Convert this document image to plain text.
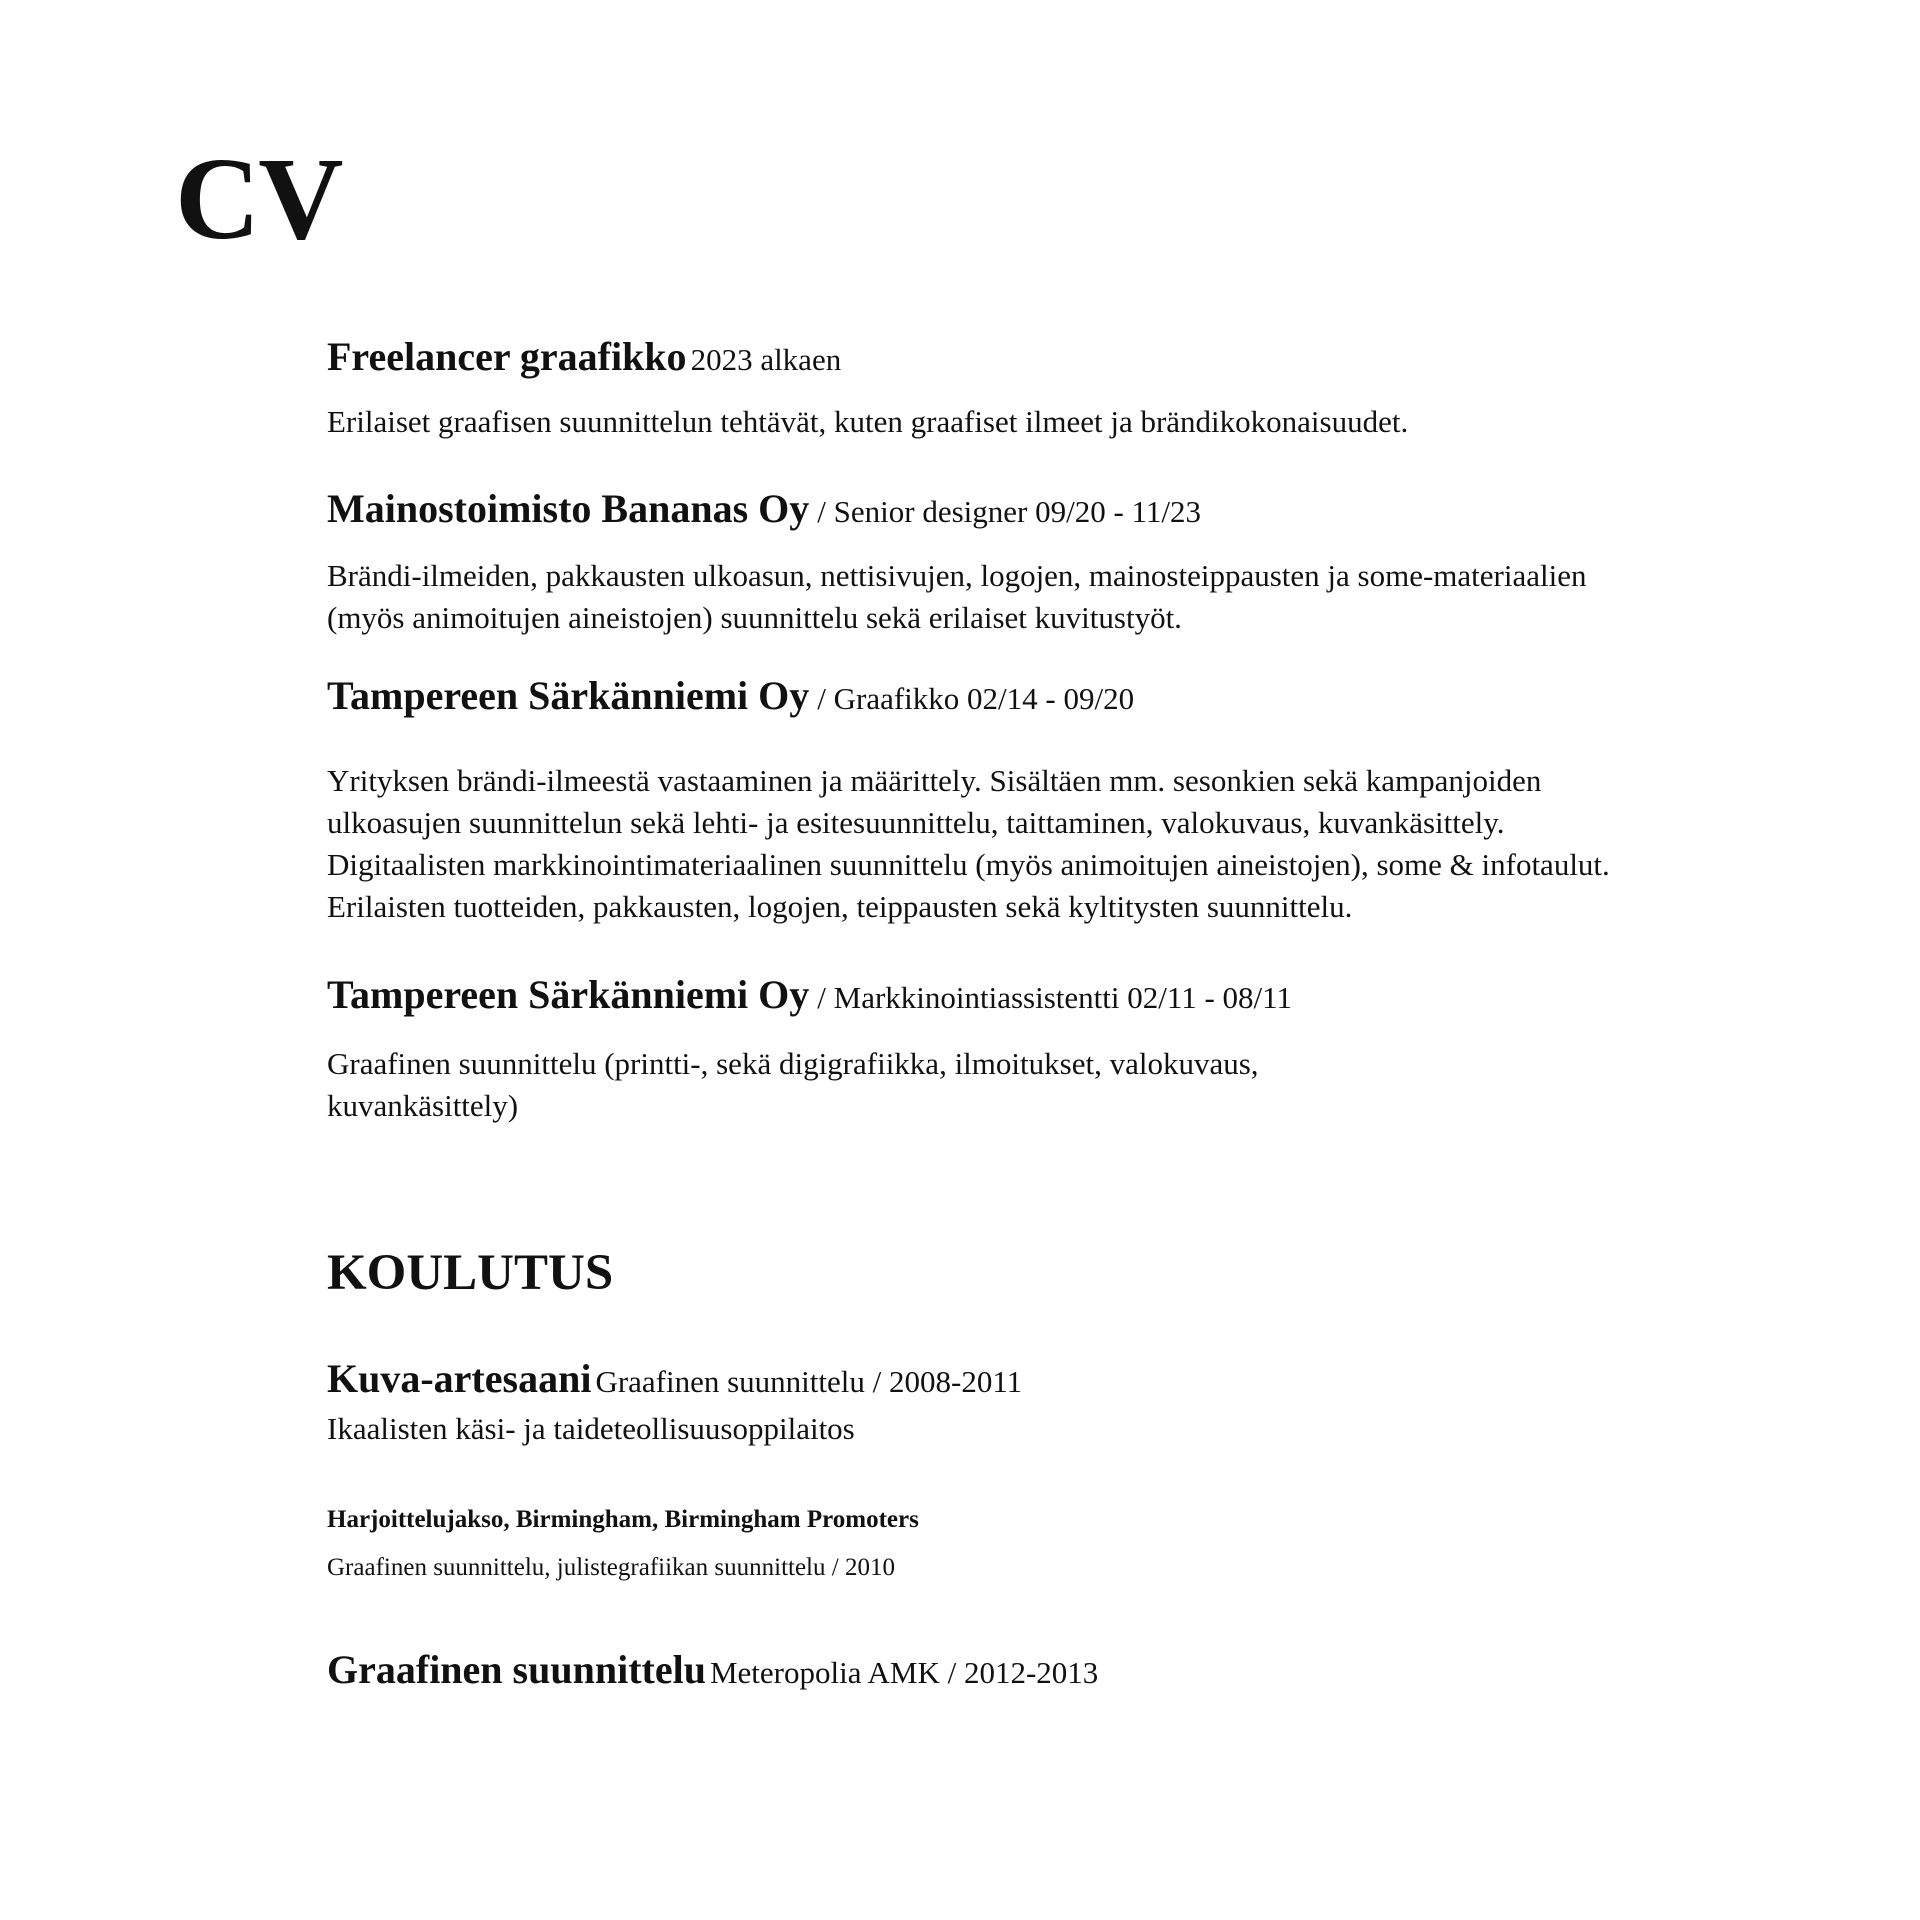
CV

Freelancer graafikko 2023 alkaen

Erilaiset graafisen suunnittelun tehtävät, kuten graafiset ilmeet ja brändikokonaisuudet.

Mainostoimisto Bananas Oy / Senior designer 09/20 - 11/23

Brändi-ilmeiden, pakkausten ulkoasun, nettisivujen, logojen, mainosteippausten ja some-materiaalien (myös animoitujen aineistojen) suunnittelu sekä erilaiset kuvitustyöt.

Tampereen Särkänniemi Oy / Graafikko 02/14 - 09/20

Yrityksen brändi-ilmeestä vastaaminen ja määrittely. Sisältäen mm. sesonkien sekä kampanjoiden ulkoasujen suunnittelun sekä lehti- ja esitesuunnittelu, taittaminen, valokuvaus, kuvankäsittely. Digitaalisten markkinointimateriaalinen suunnittelu (myös animoitujen aineistojen), some & infotaulut. Erilaisten tuotteiden, pakkausten, logojen, teippausten sekä kyltitysten suunnittelu.

Tampereen Särkänniemi Oy / Markkinointiassistentti 02/11 - 08/11

Graafinen suunnittelu (printti-, sekä digigrafiikka, ilmoitukset, valokuvaus, kuvankäsittely)

KOULUTUS

Kuva-artesaani Graafinen suunnittelu / 2008-2011

Ikaalisten käsi- ja taideteollisuusoppilaitos

Harjoittelujakso, Birmingham, Birmingham Promoters

Graafinen suunnittelu, julistegrafiikan suunnittelu / 2010

Graafinen suunnittelu Meteropolia AMK / 2012-2013
